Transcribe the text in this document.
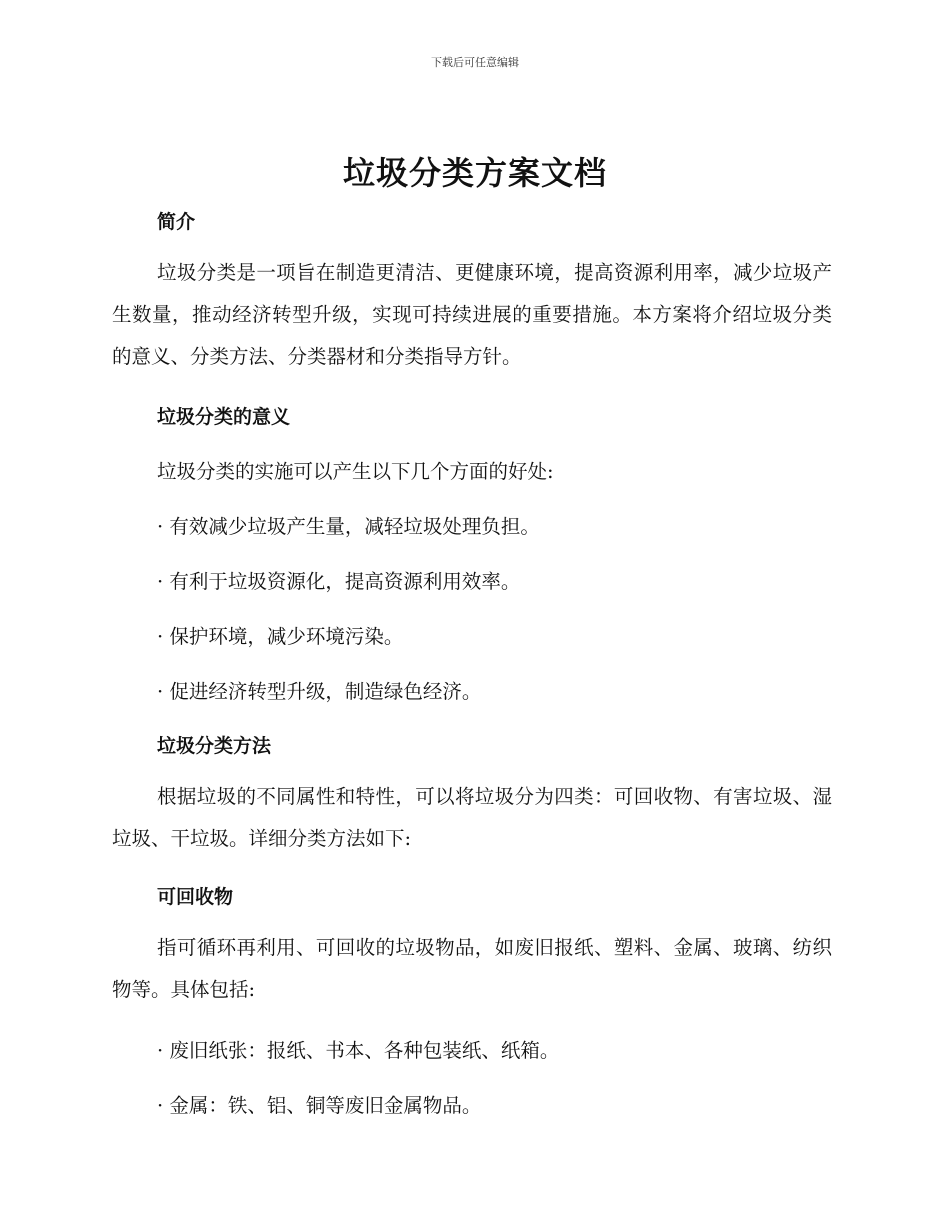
下载后可任意编辑
垃圾分类方案文档
简介
垃圾分类是一项旨在制造更清洁、更健康环境，提高资源利用率，减少垃圾产生数量，推动经济转型升级，实现可持续进展的重要措施。本方案将介绍垃圾分类的意义、分类方法、分类器材和分类指导方针。
垃圾分类的意义
垃圾分类的实施可以产生以下几个方面的好处:
· 有效减少垃圾产生量，减轻垃圾处理负担。
· 有利于垃圾资源化，提高资源利用效率。
· 保护环境，减少环境污染。
· 促进经济转型升级，制造绿色经济。
垃圾分类方法
根据垃圾的不同属性和特性，可以将垃圾分为四类：可回收物、有害垃圾、湿垃圾、干垃圾。详细分类方法如下:
可回收物
指可循环再利用、可回收的垃圾物品，如废旧报纸、塑料、金属、玻璃、纺织物等。具体包括:
· 废旧纸张：报纸、书本、各种包装纸、纸箱。
· 金属：铁、铝、铜等废旧金属物品。
